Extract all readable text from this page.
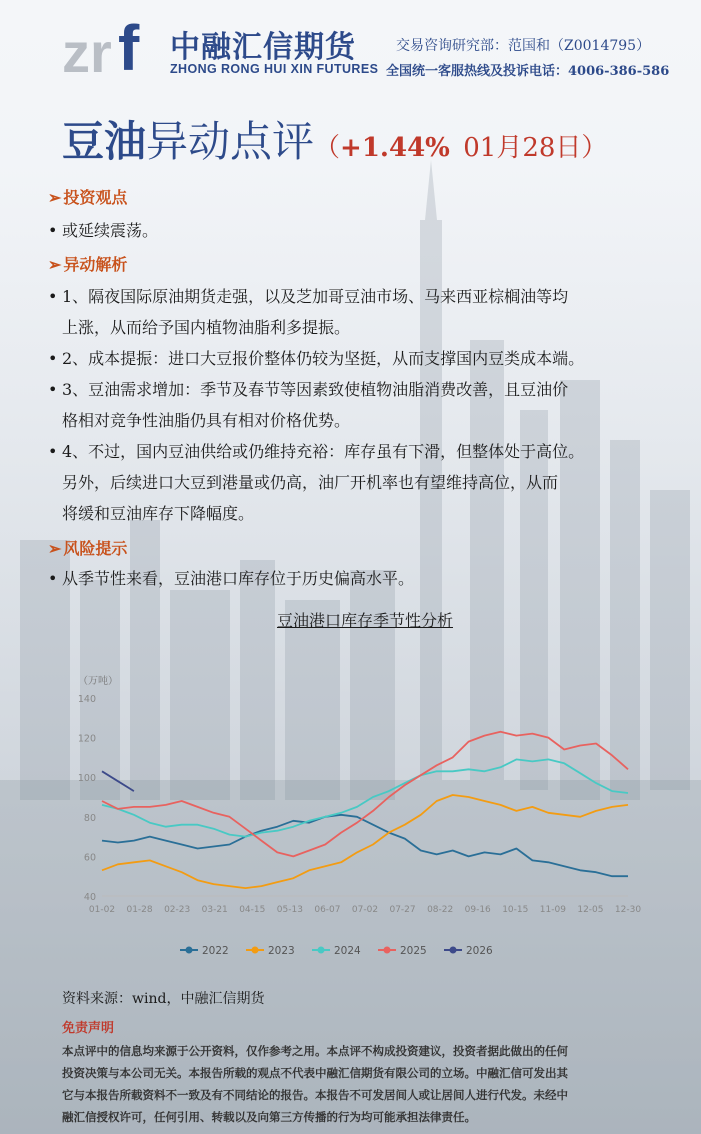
zr f 中融汇信期货
ZHONG RONG HUI XIN FUTURES
交易咨询研究部：范国和（Z0014795）
全国统一客服热线及投诉电话：4006-386-586
豆油异动点评（+1.44% 01月28日）
➢ 投资观点
• 或延续震荡。
➢ 异动解析
• 1、隔夜国际原油期货走强，以及芝加哥豆油市场、马来西亚棕榈油等均
上涨，从而给予国内植物油脂利多提振。
• 2、成本提振：进口大豆报价整体仍较为坚挺，从而支撑国内豆类成本端。
• 3、豆油需求增加：季节及春节等因素致使植物油脂消费改善，且豆油价
格相对竞争性油脂仍具有相对价格优势。
• 4、不过，国内豆油供给或仍维持充裕：库存虽有下滑，但整体处于高位。
另外，后续进口大豆到港量或仍高，油厂开机率也有望维持高位，从而
将缓和豆油库存下降幅度。
➢ 风险提示
• 从季节性来看，豆油港口库存位于历史偏高水平。
豆油港口库存季节性分析
（万吨）
40
60
80
100
120
140
01-02 01-28 02-23 03-21 04-15 05-13 06-07 07-02 07-27 08-22 09-16 10-15 11-09 12-05 12-30
2022	2023	2024	2025	2026
资料来源：wind，中融汇信期货
免责声明
本点评中的信息均来源于公开资料，仅作参考之用。本点评不构成投资建议，投资者据此做出的任何
投资决策与本公司无关。本报告所载的观点不代表中融汇信期货有限公司的立场。中融汇信可发出其
它与本报告所载资料不一致及有不同结论的报告。本报告不可发居间人或让居间人进行代发。未经中
融汇信授权许可，任何引用、转载以及向第三方传播的行为均可能承担法律责任。
